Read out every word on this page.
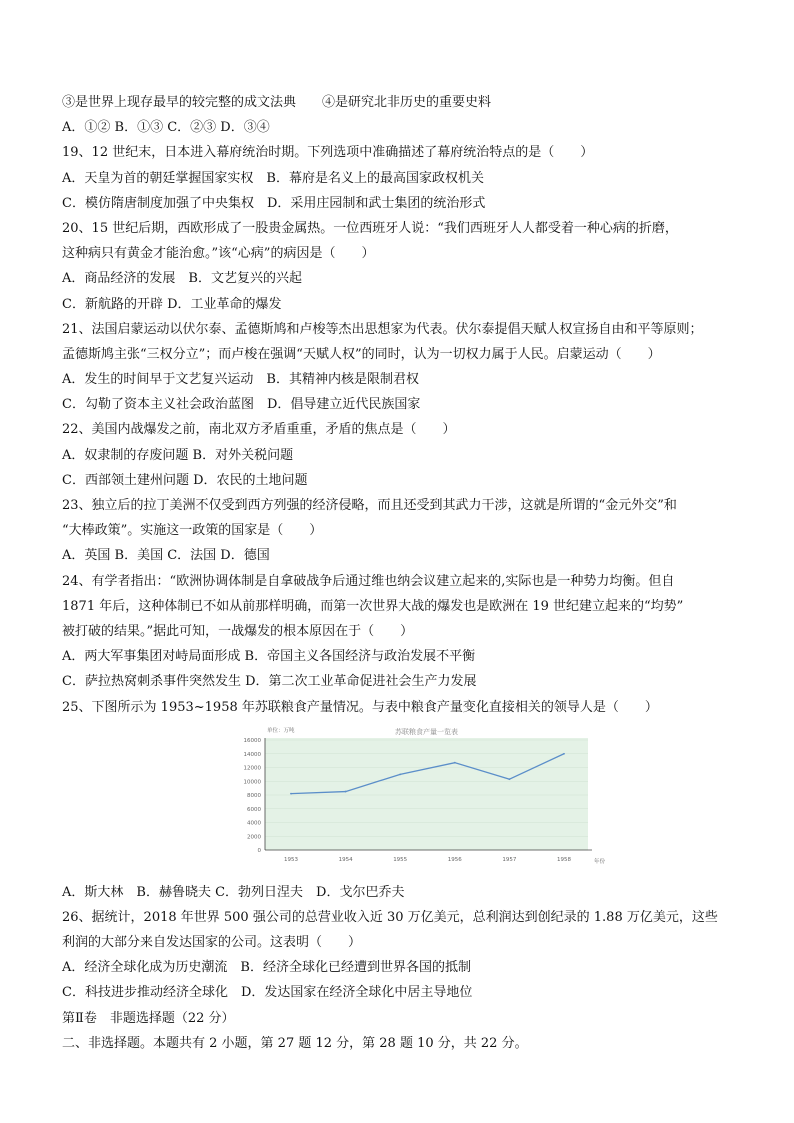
③是世界上现存最早的较完整的成文法典　　④是研究北非历史的重要史料
A．①② B．①③ C．②③ D．③④
19、12 世纪末，日本进入幕府统治时期。下列选项中准确描述了幕府统治特点的是（　　）
A．天皇为首的朝廷掌握国家实权　B．幕府是名义上的最高国家政权机关
C．模仿隋唐制度加强了中央集权　D．采用庄园制和武士集团的统治形式
20、15 世纪后期，西欧形成了一股贵金属热。一位西班牙人说：“我们西班牙人人都受着一种心病的折磨，
这种病只有黄金才能治愈。”该“心病”的病因是（　　）
A．商品经济的发展　B．文艺复兴的兴起
C．新航路的开辟 D．工业革命的爆发
21、法国启蒙运动以伏尔泰、孟德斯鸠和卢梭等杰出思想家为代表。伏尔泰提倡天赋人权宣扬自由和平等原则；
孟德斯鸠主张“三权分立”；而卢梭在强调“天赋人权”的同时，认为一切权力属于人民。启蒙运动（　　）
A．发生的时间早于文艺复兴运动　B．其精神内核是限制君权
C．勾勒了资本主义社会政治蓝图　D．倡导建立近代民族国家
22、美国内战爆发之前，南北双方矛盾重重，矛盾的焦点是（　　）
A．奴隶制的存废问题 B．对外关税问题
C．西部领土建州问题 D．农民的土地问题
23、独立后的拉丁美洲不仅受到西方列强的经济侵略，而且还受到其武力干涉，这就是所谓的“金元外交”和
“大棒政策”。实施这一政策的国家是（　　）
A．英国 B．美国 C．法国 D．德国
24、有学者指出：“欧洲协调体制是自拿破战争后通过维也纳会议建立起来的,实际也是一种势力均衡。但自
1871 年后，这种体制已不如从前那样明确，而第一次世界大战的爆发也是欧洲在 19 世纪建立起来的“均势”
被打破的结果。”据此可知，一战爆发的根本原因在于（　　）
A．两大军事集团对峙局面形成 B．帝国主义各国经济与政治发展不平衡
C．萨拉热窝刺杀事件突然发生 D．第二次工业革命促进社会生产力发展
25、下图所示为 1953~1958 年苏联粮食产量情况。与表中粮食产量变化直接相关的领导人是（　　）
0
2000
4000
6000
8000
10000
12000
14000
16000
1953	1954	1955	1956	1957	1958	年份
单位：万吨	苏联粮食产量一览表
A．斯大林　B．赫鲁晓夫 C．勃列日涅夫　D．戈尔巴乔夫
26、据统计，2018 年世界 500 强公司的总营业收入近 30 万亿美元，总利润达到创纪录的 1.88 万亿美元，这些
利润的大部分来自发达国家的公司。这表明（　　）
A．经济全球化成为历史潮流　B．经济全球化已经遭到世界各国的抵制
C．科技进步推动经济全球化　D．发达国家在经济全球化中居主导地位
第Ⅱ卷　非题选择题（22 分）
二、非选择题。本题共有 2 小题，第 27 题 12 分，第 28 题 10 分，共 22 分。
